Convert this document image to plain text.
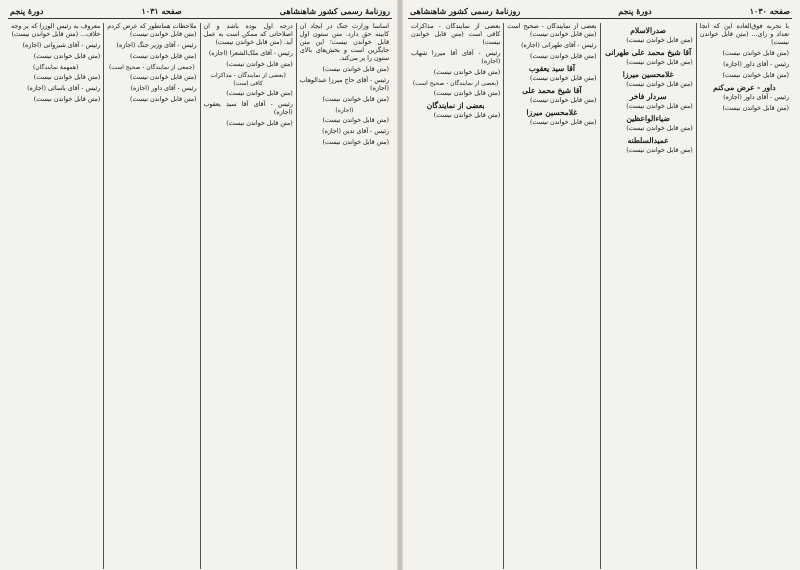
روزنامهٔ رسمی کشور شاهنشاهی
صفحه ۱۰۳۱
دورهٔ پنجم

اساساً وزارت جنگ در ایجاد آن کابینه حق دارد. متن ستون اول قابل خواندن نیست؛ این متن جایگزین است و بخش‌های بالای ستون را پر می‌کند.

(متن قابل خواندن نیست)

رئیس - آقای حاج میرزا عبدالوهاب (اجازه)

(متن قابل خواندن نیست)

(اجازه)

(متن قابل خواندن نیست)

رئیس - آقای تدین (اجازه)

(متن قابل خواندن نیست)

درجه اول بوده باشد و آن اصلاحاتی که ممکن است به عمل آید. (متن قابل خواندن نیست)

رئیس - آقای ملک‌الشعرا (اجازه)

(متن قابل خواندن نیست)

(بعضی از نمایندگان - مذاکرات کافی است)

(متن قابل خواندن نیست)

رئیس - آقای آقا سید یعقوب (اجازه)

(متن قابل خواندن نیست)

ملاحظات همانطور که عرض کردم (متن قابل خواندن نیست)

رئیس - آقای وزیر جنگ (اجازه)

(متن قابل خواندن نیست)

(جمعی از نمایندگان - صحیح است)

(متن قابل خواندن نیست)

رئیس - آقای داور (اجازه)

(متن قابل خواندن نیست)

معروف به رئیس الوزرا که بر وجه خلاف... (متن قابل خواندن نیست)

رئیس - آقای شیروانی (اجازه)

(متن قابل خواندن نیست)

(همهمهٔ نمایندگان)

(متن قابل خواندن نیست)

رئیس - آقای یاسائی (اجازه)

(متن قابل خواندن نیست)

صفحه ۱۰۳۰
دورهٔ پنجم
روزنامهٔ رسمی کشور شاهنشاهی

با تجربه فوق‌العاده این که آنجا تعداد و رای... (متن قابل خواندن نیست)

(متن قابل خواندن نیست)

رئیس - آقای داور (اجازه)

(متن قابل خواندن نیست)

داور - عرض می‌کنم

رئیس - آقای داور (اجازه)

(متن قابل خواندن نیست)

صدرالاسلام

(متن قابل خواندن نیست)

آقا شیخ محمد علی طهرانی

(متن قابل خواندن نیست)

غلامحسین میرزا

(متن قابل خواندن نیست)

سردار فاخر

(متن قابل خواندن نیست)

ضیاءالواعظین

(متن قابل خواندن نیست)

عمیدالسلطنه

(متن قابل خواندن نیست)

بعضی از نمایندگان - صحیح است (متن قابل خواندن نیست)

رئیس - آقای طهرانی (اجازه)

(متن قابل خواندن نیست)

آقا سید یعقوب

(متن قابل خواندن نیست)

آقا شیخ محمد علی

(متن قابل خواندن نیست)

غلامحسین میرزا

(متن قابل خواندن نیست)

بعضی از نمایندگان - مذاکرات کافی است (متن قابل خواندن نیست)

رئیس - آقای آقا میرزا شهاب (اجازه)

(متن قابل خواندن نیست)

(بعضی از نمایندگان - صحیح است)

(متن قابل خواندن نیست)

بعضی از نمایندگان

(متن قابل خواندن نیست)
